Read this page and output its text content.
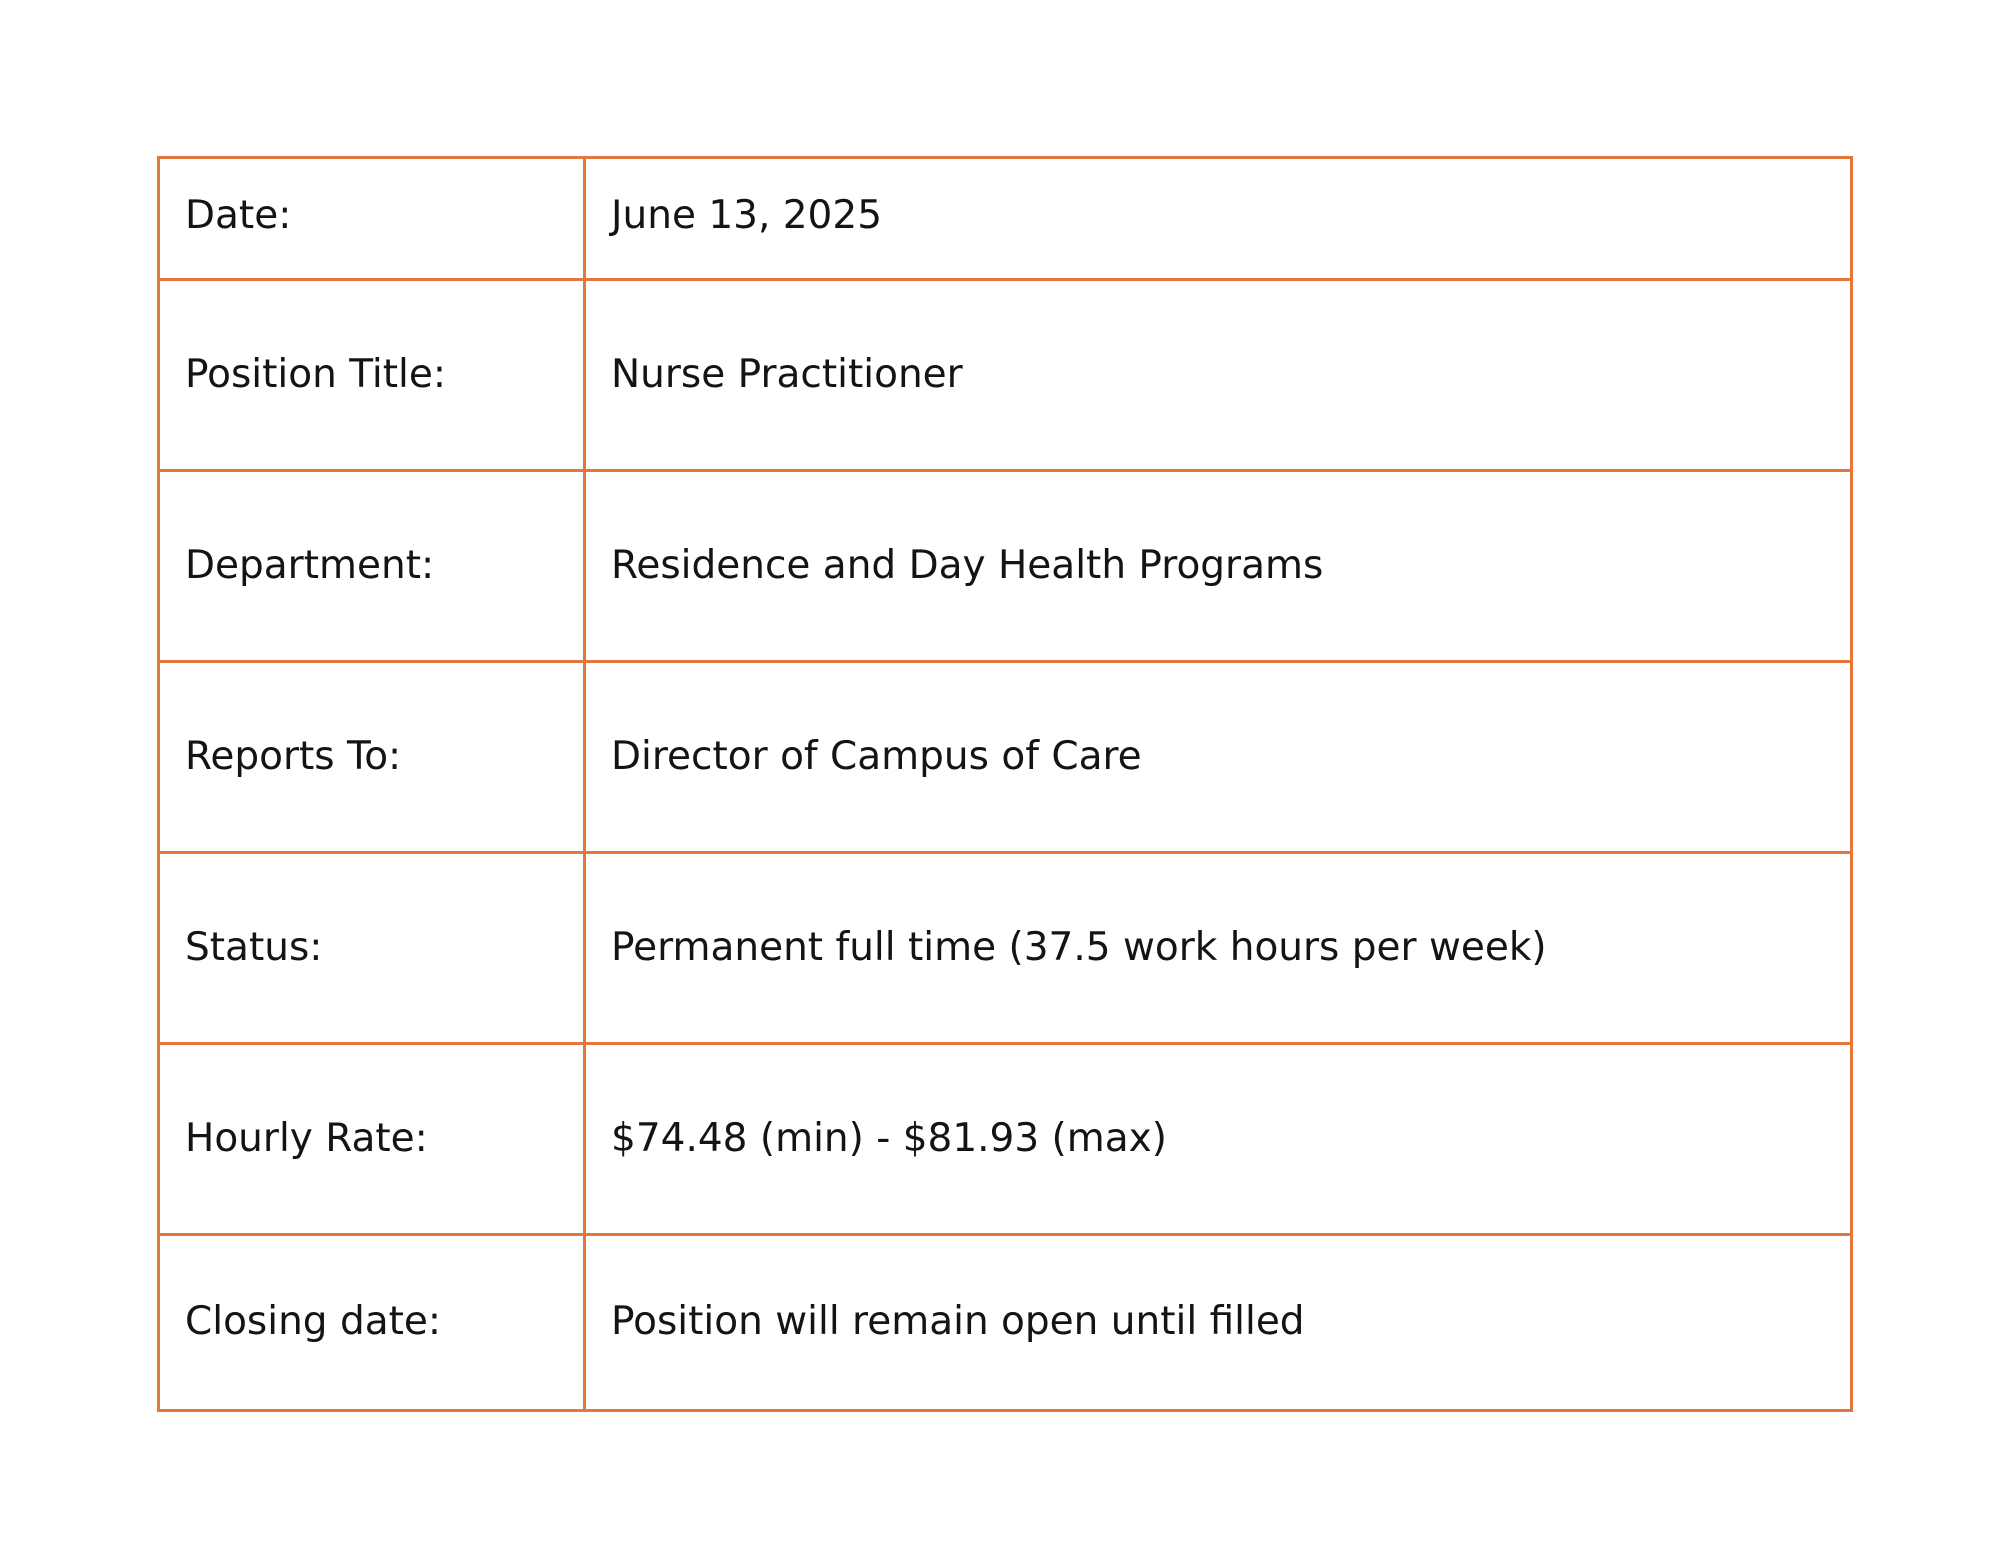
Date:	June 13, 2025
Position Title:	Nurse Practitioner
Department:	Residence and Day Health Programs
Reports To:	Director of Campus of Care
Status:	Permanent full time (37.5 work hours per week)
Hourly Rate:	$74.48 (min) - $81.93 (max)
Closing date:	Position will remain open until filled
